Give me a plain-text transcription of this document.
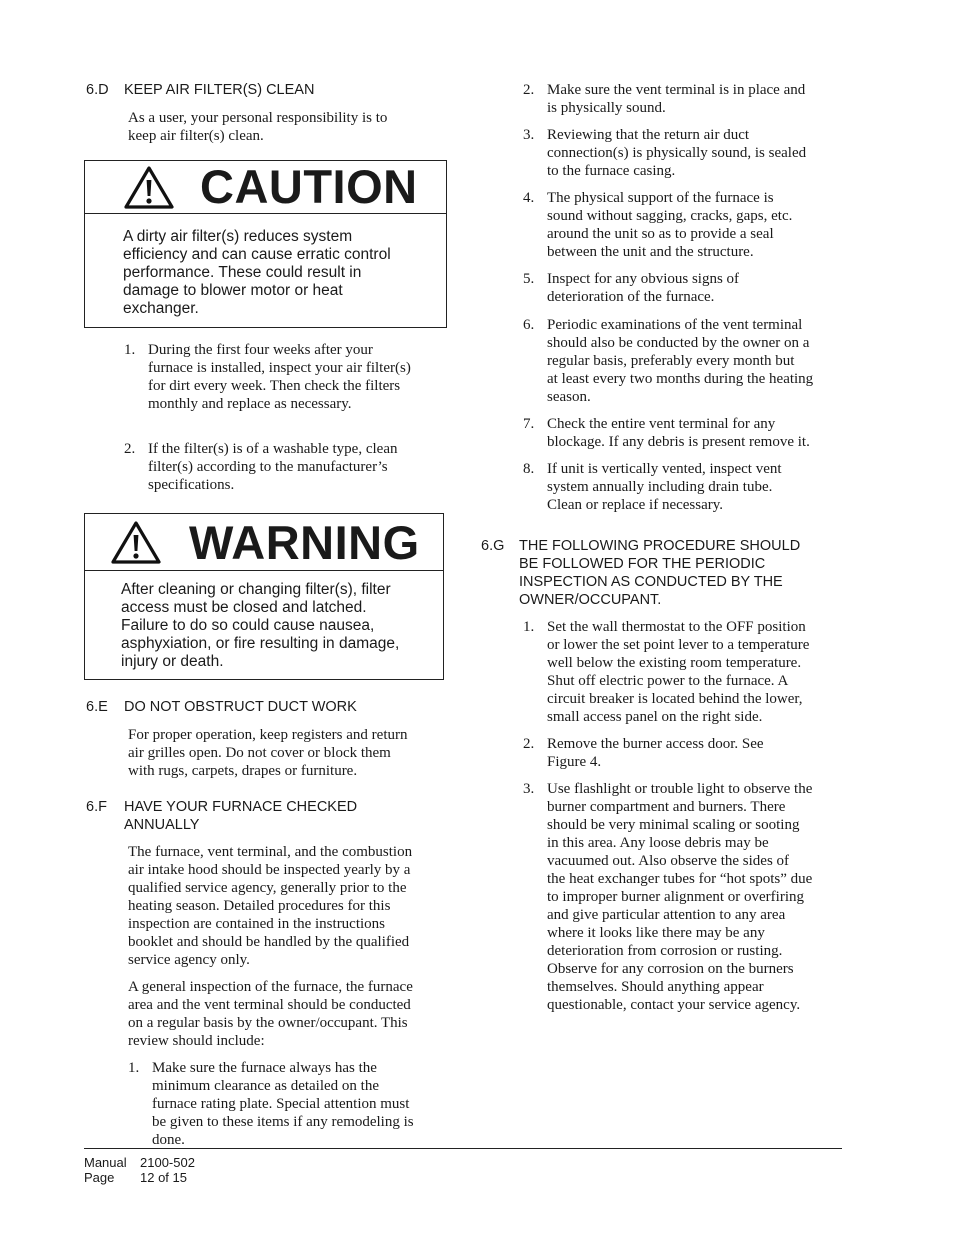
6.D	KEEP AIR FILTER(S) CLEAN
As a user, your personal responsibility is to
keep air filter(s) clean.
CAUTION
A dirty air filter(s) reduces system
efficiency and can cause erratic control
performance. These could result in
damage to blower motor or heat
exchanger.
1. During the first four weeks after your
furnace is installed, inspect your air filter(s)
for dirt every week. Then check the filters
monthly and replace as necessary.
2. If the filter(s) is of a washable type, clean
filter(s) according to the manufacturer’s
specifications.
WARNING
After cleaning or changing filter(s), filter
access must be closed and latched.
Failure to do so could cause nausea,
asphyxiation, or fire resulting in damage,
injury or death.
6.E	DO NOT OBSTRUCT DUCT WORK
For proper operation, keep registers and return
air grilles open. Do not cover or block them
with rugs, carpets, drapes or furniture.
6.F	HAVE YOUR FURNACE CHECKED
ANNUALLY
The furnace, vent terminal, and the combustion
air intake hood should be inspected yearly by a
qualified service agency, generally prior to the
heating season. Detailed procedures for this
inspection are contained in the instructions
booklet and should be handled by the qualified
service agency only.
A general inspection of the furnace, the furnace
area and the vent terminal should be conducted
on a regular basis by the owner/occupant. This
review should include:
1. Make sure the furnace always has the
minimum clearance as detailed on the
furnace rating plate. Special attention must
be given to these items if any remodeling is
done.
2. Make sure the vent terminal is in place and
is physically sound.
3. Reviewing that the return air duct
connection(s) is physically sound, is sealed
to the furnace casing.
4. The physical support of the furnace is
sound without sagging, cracks, gaps, etc.
around the unit so as to provide a seal
between the unit and the structure.
5. Inspect for any obvious signs of
deterioration of the furnace.
6. Periodic examinations of the vent terminal
should also be conducted by the owner on a
regular basis, preferably every month but
at least every two months during the heating
season.
7. Check the entire vent terminal for any
blockage. If any debris is present remove it.
8. If unit is vertically vented, inspect vent
system annually including drain tube.
Clean or replace if necessary.
6.G	THE FOLLOWING PROCEDURE SHOULD
BE FOLLOWED FOR THE PERIODIC
INSPECTION AS CONDUCTED BY THE
OWNER/OCCUPANT.
1. Set the wall thermostat to the OFF position
or lower the set point lever to a temperature
well below the existing room temperature.
Shut off electric power to the furnace. A
circuit breaker is located behind the lower,
small access panel on the right side.
2. Remove the burner access door. See
Figure 4.
3. Use flashlight or trouble light to observe the
burner compartment and burners. There
should be very minimal scaling or sooting
in this area. Any loose debris may be
vacuumed out. Also observe the sides of
the heat exchanger tubes for “hot spots” due
to improper burner alignment or overfiring
and give particular attention to any area
where it looks like there may be any
deterioration from corrosion or rusting.
Observe for any corrosion on the burners
themselves. Should anything appear
questionable, contact your service agency.
Manual 2100-502
Page 12 of 15
